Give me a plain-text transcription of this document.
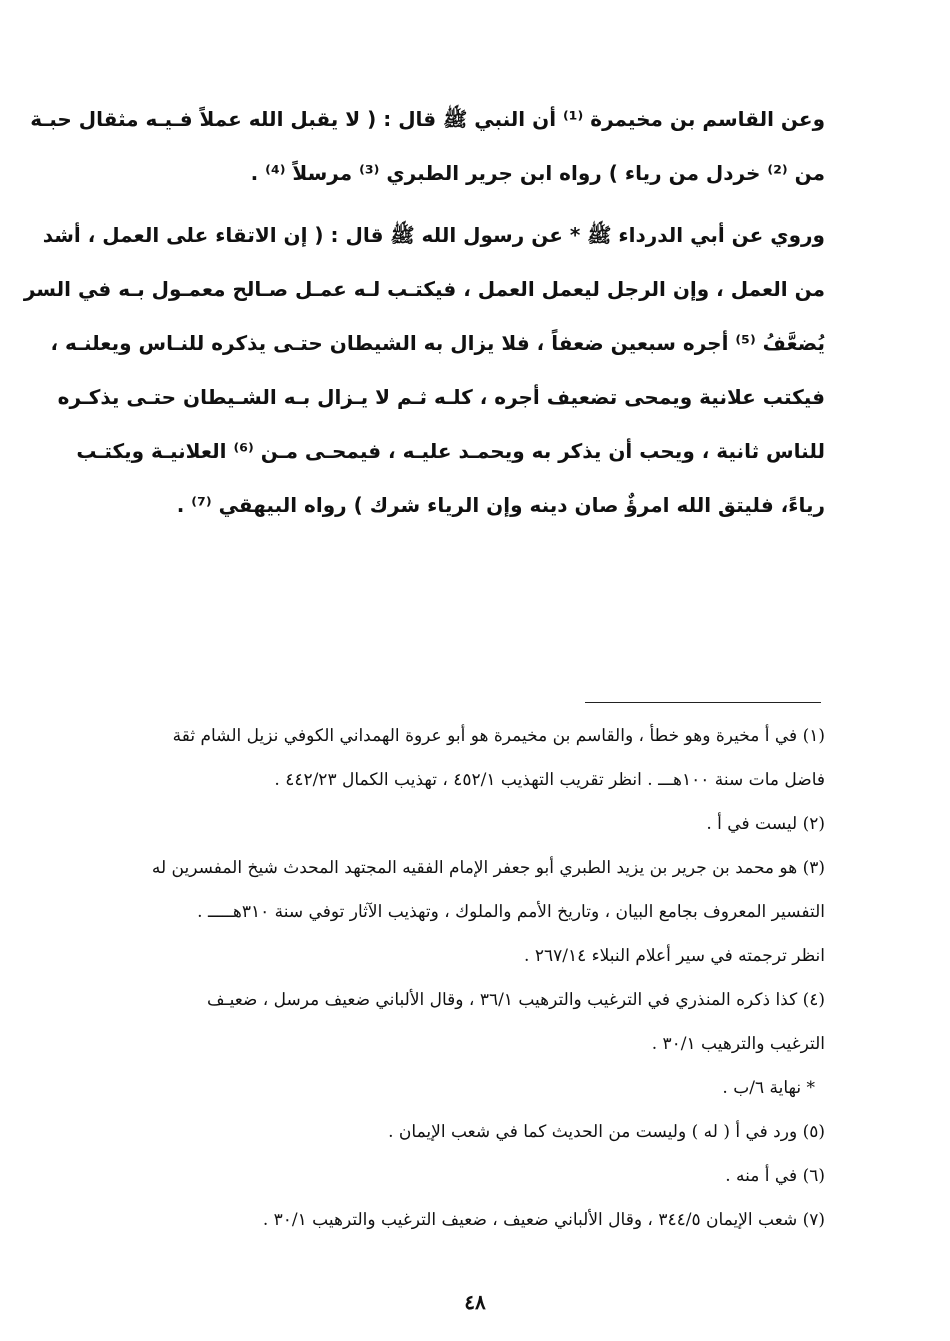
وعن القاسم بن مخيمرة ⁽¹⁾ أن النبي ﷺ قال : ( لا يقبل الله عملاً فـيـه مثقال حبـة
من ⁽²⁾ خردل من رياء ) رواه ابن جرير الطبري ⁽³⁾ مرسلاً ⁽⁴⁾ .
وروي عن أبي الدرداء ﷺ * عن رسول الله ﷺ قال : ( إن الاتقاء على العمل ، أشد
من العمل ، وإن الرجل ليعمل العمل ، فيكتـب لـه عمـل صـالح معمـول بـه في السر
يُضعَّفُ ⁽⁵⁾ أجره سبعين ضعفاً ، فلا يزال به الشيطان حتـى يذكره للنـاس ويعلنـه ،
فيكتب علانية ويمحى تضعيف أجره ، كلـه ثـم لا يـزال بـه الشـيطان حتـى يذكـره
للناس ثانية ، ويحب أن يذكر به ويحمـد عليـه ، فيمحـى مـن ⁽⁶⁾ العلانيـة ويكتـب
رياءً، فليتق الله امرؤٌ صان دينه وإن الرياء شرك ) رواه البيهقي ⁽⁷⁾ .
(١) في أ مخيرة وهو خطأ ، والقاسم بن مخيمرة هو أبو عروة الهمداني الكوفي نزيل الشام ثقة
فاضل مات سنة ١٠٠هـــ . انظر تقريب التهذيب ٤٥٢/١ ، تهذيب الكمال ٤٤٢/٢٣ .
(٢) ليست في أ .
(٣) هو محمد بن جرير بن يزيد الطبري أبو جعفر الإمام الفقيه المجتهد المحدث شيخ المفسرين له
التفسير المعروف بجامع البيان ، وتاريخ الأمم والملوك ، وتهذيب الآثار توفي سنة ٣١٠هـــــ .
انظر ترجمته في سير أعلام النبلاء ٢٦٧/١٤ .
(٤) كذا ذكره المنذري في الترغيب والترهيب ٣٦/١ ، وقال الألباني ضعيف مرسل ، ضعيـف
الترغيب والترهيب ٣٠/١ .
* نهاية ٦/ب .
(٥) ورد في أ ( له ) وليست من الحديث كما في شعب الإيمان .
(٦) في أ منه .
(٧) شعب الإيمان ٣٤٤/٥ ، وقال الألباني ضعيف ، ضعيف الترغيب والترهيب ٣٠/١ .
٤٨
